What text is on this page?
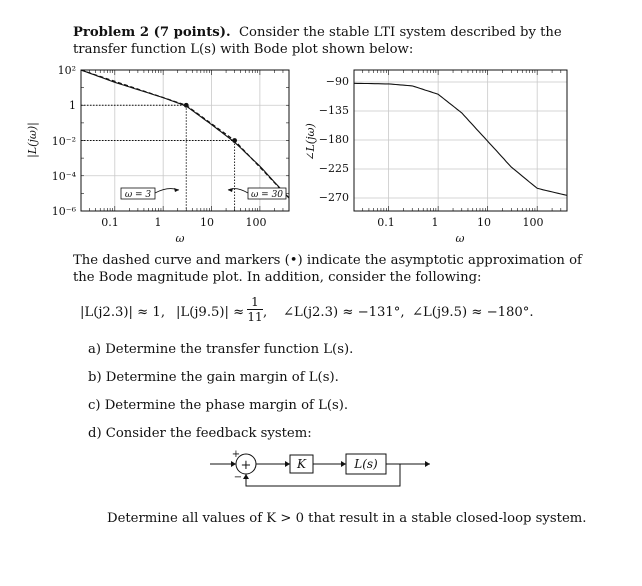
Problem 2 (7 points). Consider the stable LTI system described by the
transfer function L(s) with Bode plot shown below:
ω = 3	ω = 30
10²
1
10⁻²
10⁻⁴
10⁻⁶
0.1	1	10	100
ω
|L(jω)|
−90
−135
−180
−225
−270
0.1	1	10	100
ω
∠L(jω)
The dashed curve and markers (•) indicate the asymptotic approximation of
the Bode magnitude plot. In addition, consider the following:
|L(j2.3)| ≈ 1, $|L(j9.5)| \approx \frac{1}{11}$ , ∠L(j2.3) ≈ −131°, ∠L(j9.5) ≈ −180°.
a) Determine the transfer function L(s).
b) Determine the gain margin of L(s).
c) Determine the phase margin of L(s).
d) Consider the feedback system:
+
+
−
K	L(s)
Determine all values of K > 0 that result in a stable closed-loop system.
